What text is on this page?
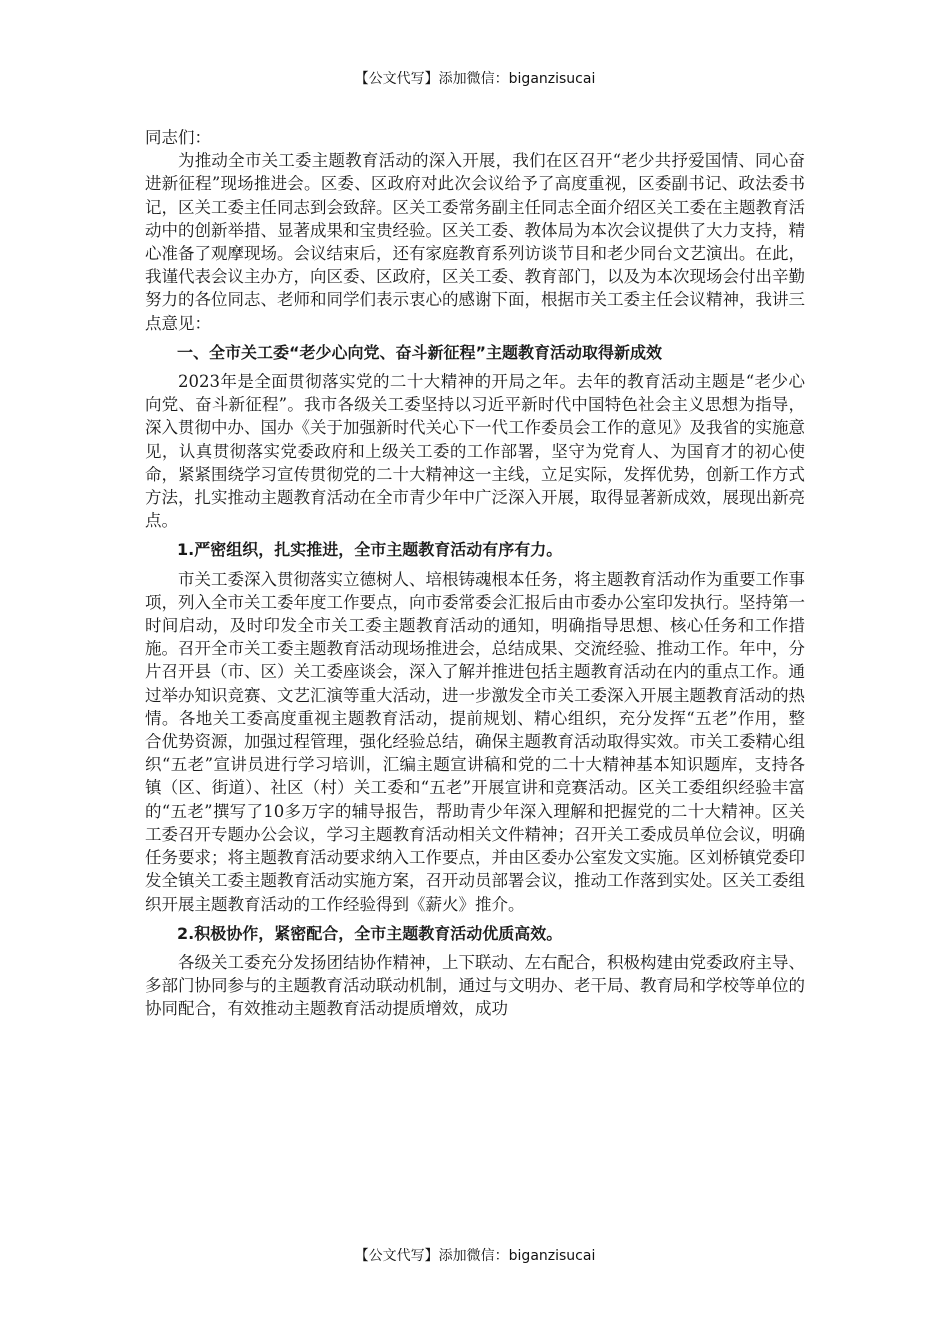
【公文代写】添加微信：biganzisucai

同志们：

为推动全市关工委主题教育活动的深入开展，我们在区召开“老少共抒爱国情、同心奋进新征程”现场推进会。区委、区政府对此次会议给予了高度重视，区委副书记、政法委书记，区关工委主任同志到会致辞。区关工委常务副主任同志全面介绍区关工委在主题教育活动中的创新举措、显著成果和宝贵经验。区关工委、教体局为本次会议提供了大力支持，精心准备了观摩现场。会议结束后，还有家庭教育系列访谈节目和老少同台文艺演出。在此，我谨代表会议主办方，向区委、区政府，区关工委、教育部门，以及为本次现场会付出辛勤努力的各位同志、老师和同学们表示衷心的感谢下面，根据市关工委主任会议精神，我讲三点意见：

一、全市关工委“老少心向党、奋斗新征程”主题教育活动取得新成效

2023年是全面贯彻落实党的二十大精神的开局之年。去年的教育活动主题是“老少心向党、奋斗新征程”。我市各级关工委坚持以习近平新时代中国特色社会主义思想为指导，深入贯彻中办、国办《关于加强新时代关心下一代工作委员会工作的意见》及我省的实施意见，认真贯彻落实党委政府和上级关工委的工作部署，坚守为党育人、为国育才的初心使命，紧紧围绕学习宣传贯彻党的二十大精神这一主线，立足实际，发挥优势，创新工作方式方法，扎实推动主题教育活动在全市青少年中广泛深入开展，取得显著新成效，展现出新亮点。

1.严密组织，扎实推进，全市主题教育活动有序有力。

市关工委深入贯彻落实立德树人、培根铸魂根本任务，将主题教育活动作为重要工作事项，列入全市关工委年度工作要点，向市委常委会汇报后由市委办公室印发执行。坚持第一时间启动，及时印发全市关工委主题教育活动的通知，明确指导思想、核心任务和工作措施。召开全市关工委主题教育活动现场推进会，总结成果、交流经验、推动工作。年中，分片召开县（市、区）关工委座谈会，深入了解并推进包括主题教育活动在内的重点工作。通过举办知识竞赛、文艺汇演等重大活动，进一步激发全市关工委深入开展主题教育活动的热情。各地关工委高度重视主题教育活动，提前规划、精心组织，充分发挥“五老”作用，整合优势资源，加强过程管理，强化经验总结，确保主题教育活动取得实效。市关工委精心组织“五老”宣讲员进行学习培训，汇编主题宣讲稿和党的二十大精神基本知识题库，支持各镇（区、街道）、社区（村）关工委和“五老”开展宣讲和竞赛活动。区关工委组织经验丰富的“五老”撰写了10多万字的辅导报告，帮助青少年深入理解和把握党的二十大精神。区关工委召开专题办公会议，学习主题教育活动相关文件精神；召开关工委成员单位会议，明确任务要求；将主题教育活动要求纳入工作要点，并由区委办公室发文实施。区刘桥镇党委印发全镇关工委主题教育活动实施方案，召开动员部署会议，推动工作落到实处。区关工委组织开展主题教育活动的工作经验得到《薪火》推介。

2.积极协作，紧密配合，全市主题教育活动优质高效。

各级关工委充分发扬团结协作精神，上下联动、左右配合，积极构建由党委政府主导、多部门协同参与的主题教育活动联动机制，通过与文明办、老干局、教育局和学校等单位的协同配合，有效推动主题教育活动提质增效，成功

【公文代写】添加微信：biganzisucai
